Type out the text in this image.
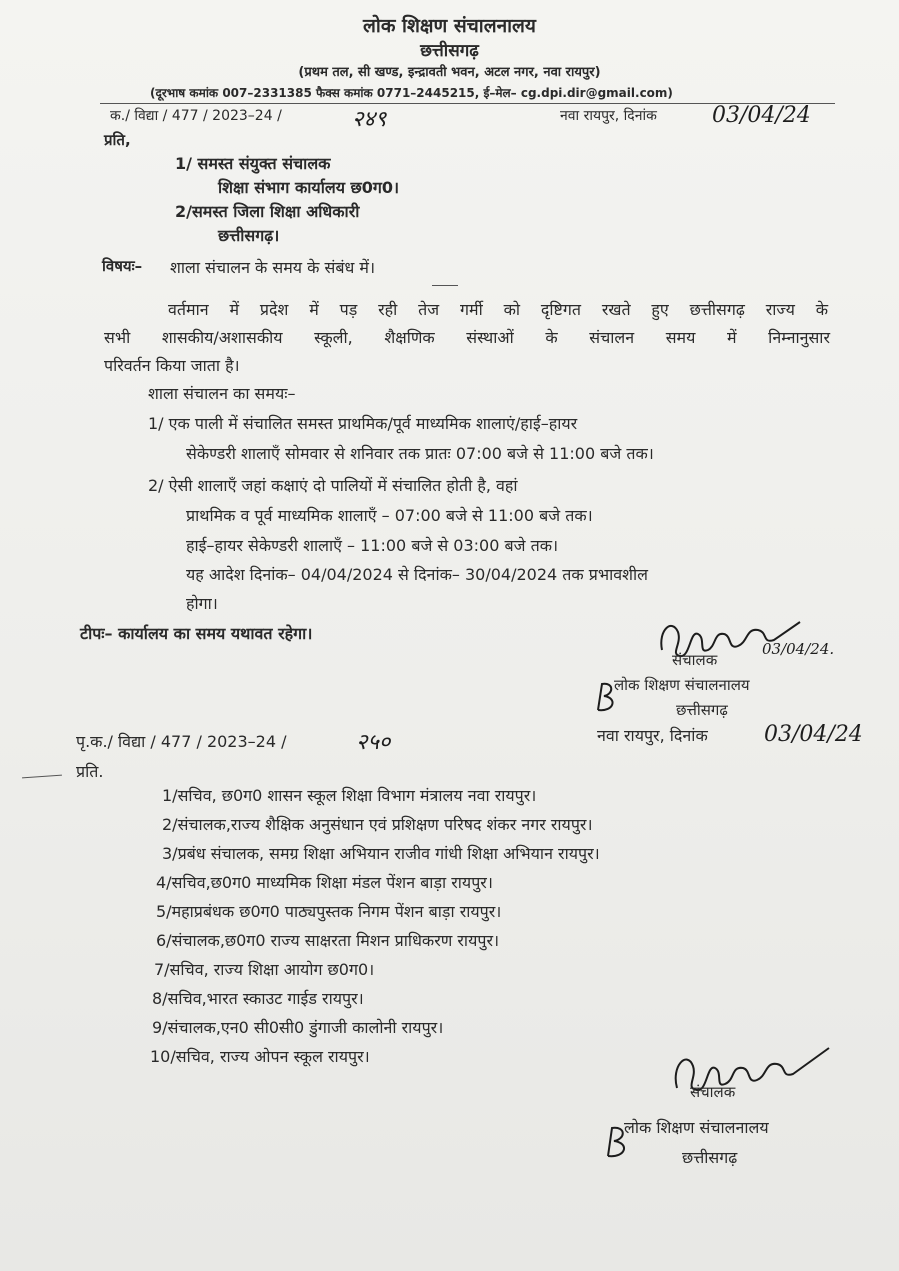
लोक शिक्षण संचालनालय
छत्तीसगढ़
(प्रथम तल, सी खण्ड, इन्द्रावती भवन, अटल नगर, नवा रायपुर)
(दूरभाष कमांक 007–2331385 फैक्स कमांक 0771–2445215, ई–मेल– cg.dpi.dir@gmail.com)
क./ विद्या / 477 / 2023–24 /	२४९	नवा रायपुर, दिनांक	03/04/24
प्रति,
1/ समस्त संयुक्त संचालक
शिक्षा संभाग कार्यालय छ0ग0।
2/समस्त जिला शिक्षा अधिकारी
छत्तीसगढ़।
विषयः– शाला संचालन के समय के संबंध में।
वर्तमान में प्रदेश में पड़ रही तेज गर्मी को दृष्टिगत रखते हुए छत्तीसगढ़ राज्य के
सभी शासकीय/अशासकीय स्कूली, शैक्षणिक संस्थाओं के संचालन समय में निम्नानुसार
परिवर्तन किया जाता है।
शाला संचालन का समयः–
1/ एक पाली में संचालित समस्त प्राथमिक/पूर्व माध्यमिक शालाएं/हाई–हायर
सेकेण्डरी शालाएँ सोमवार से शनिवार तक प्रातः 07:00 बजे से 11:00 बजे तक।
2/ ऐसी शालाएँ जहां कक्षाएं दो पालियों में संचालित होती है, वहां
प्राथमिक व पूर्व माध्यमिक शालाएँ – 07:00 बजे से 11:00 बजे तक।
हाई–हायर सेकेण्डरी शालाएँ – 11:00 बजे से 03:00 बजे तक।
यह आदेश दिनांक– 04/04/2024 से दिनांक– 30/04/2024 तक प्रभावशील
होगा।
टीपः– कार्यालय का समय यथावत रहेगा।
03/04/24.
संचालक
लोक शिक्षण संचालनालय
छत्तीसगढ़
नवा रायपुर, दिनांक	03/04/24
पृ.क./ विद्या / 477 / 2023–24 /	२५०
प्रति.
1/सचिव, छ0ग0 शासन स्कूल शिक्षा विभाग मंत्रालय नवा रायपुर।
2/संचालक,राज्य शैक्षिक अनुसंधान एवं प्रशिक्षण परिषद शंकर नगर रायपुर।
3/प्रबंध संचालक, समग्र शिक्षा अभियान राजीव गांधी शिक्षा अभियान रायपुर।
4/सचिव,छ0ग0 माध्यमिक शिक्षा मंडल पेंशन बाड़ा रायपुर।
5/महाप्रबंधक छ0ग0 पाठ्यपुस्तक निगम पेंशन बाड़ा रायपुर।
6/संचालक,छ0ग0 राज्य साक्षरता मिशन प्राधिकरण रायपुर।
7/सचिव, राज्य शिक्षा आयोग छ0ग0।
8/सचिव,भारत स्काउट गाईड रायपुर।
9/संचालक,एन0 सी0सी0 डुंगाजी कालोनी रायपुर।
10/सचिव, राज्य ओपन स्कूल रायपुर।
संचालक
लोक शिक्षण संचालनालय
छत्तीसगढ़
